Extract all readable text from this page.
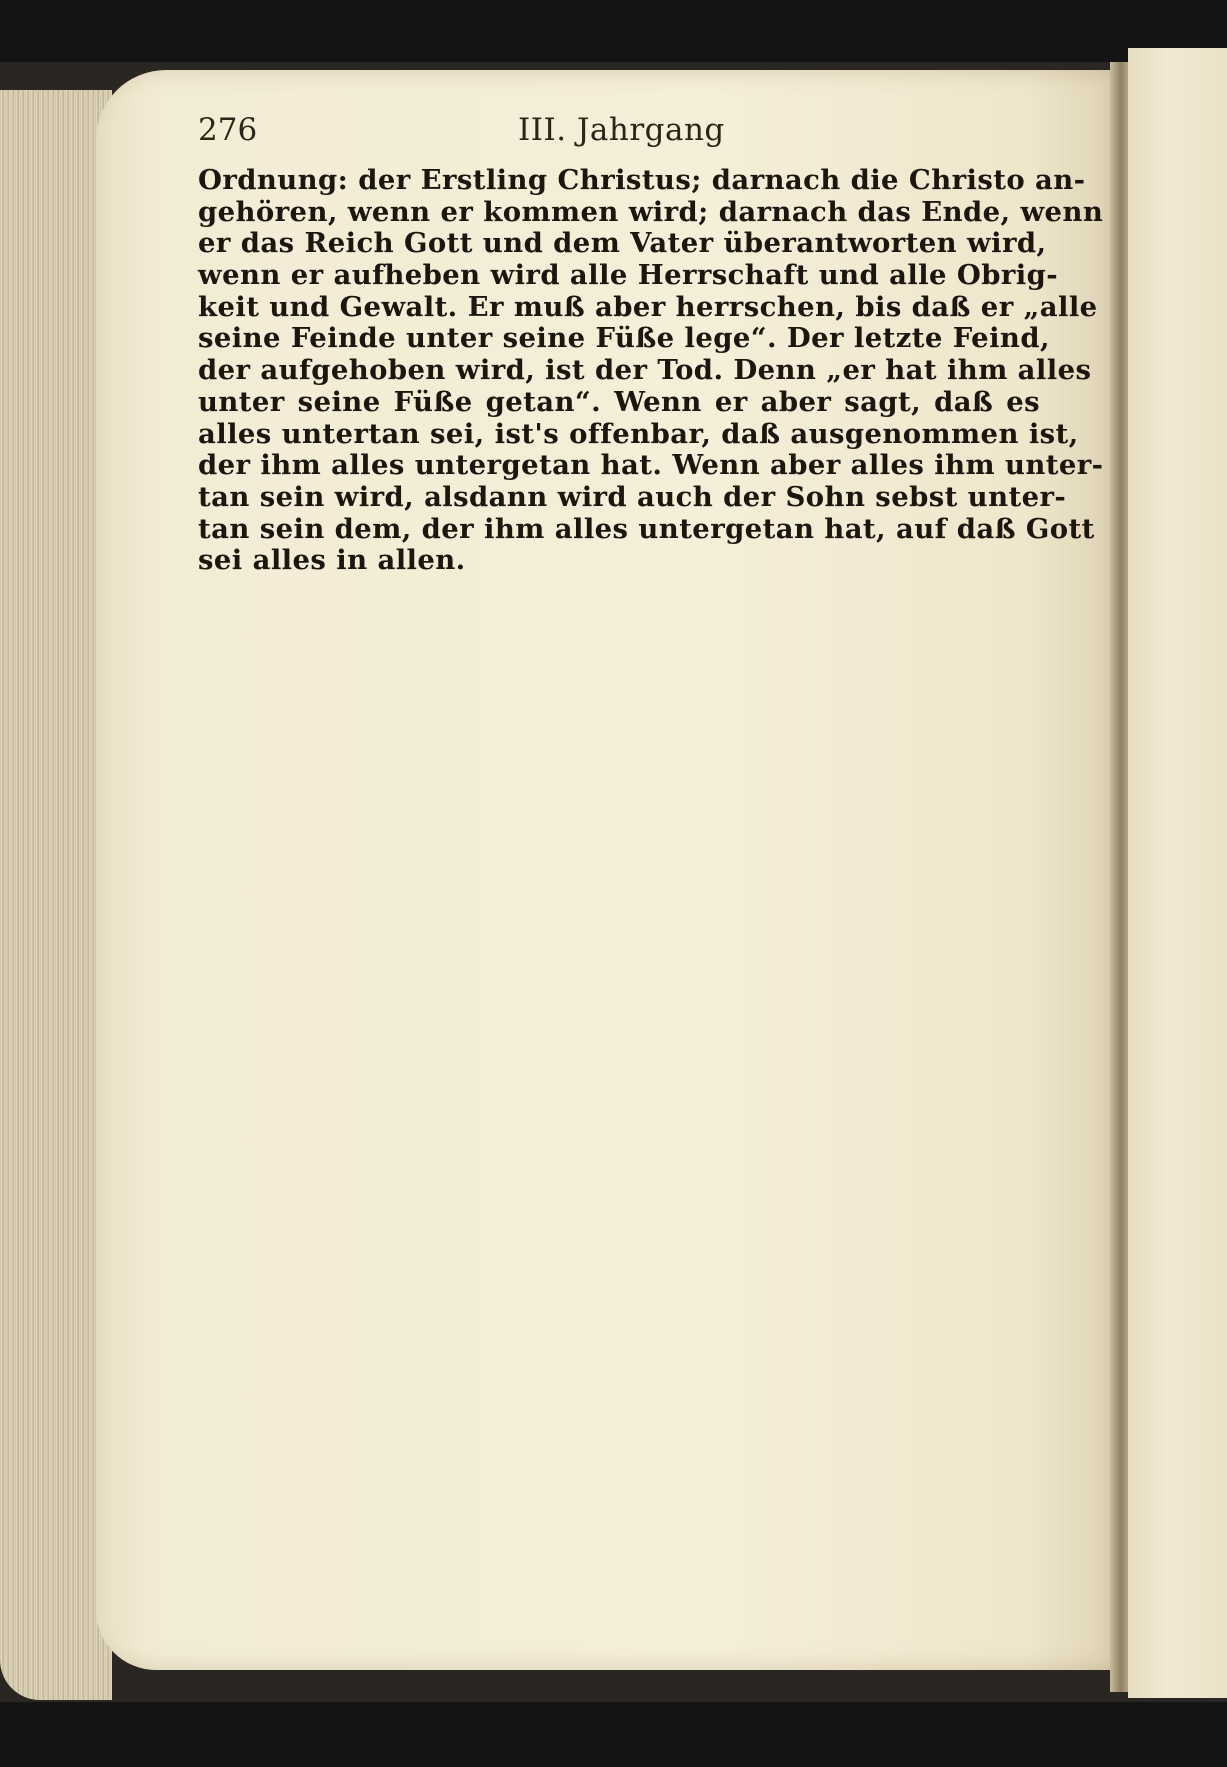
276	III. Jahrgang
Ordnung: der Erstling Christus; darnach die Christo an-
gehören, wenn er kommen wird; darnach das Ende, wenn
er das Reich Gott und dem Vater überantworten wird,
wenn er aufheben wird alle Herrschaft und alle Obrig-
keit und Gewalt. Er muß aber herrschen, bis daß er „alle
seine Feinde unter seine Füße lege“. Der letzte Feind,
der aufgehoben wird, ist der Tod. Denn „er hat ihm alles
unter seine Füße getan“. Wenn er aber sagt, daß es
alles untertan sei, ist's offenbar, daß ausgenommen ist,
der ihm alles untergetan hat. Wenn aber alles ihm unter-
tan sein wird, alsdann wird auch der Sohn sebst unter-
tan sein dem, der ihm alles untergetan hat, auf daß Gott
sei alles in allen.
